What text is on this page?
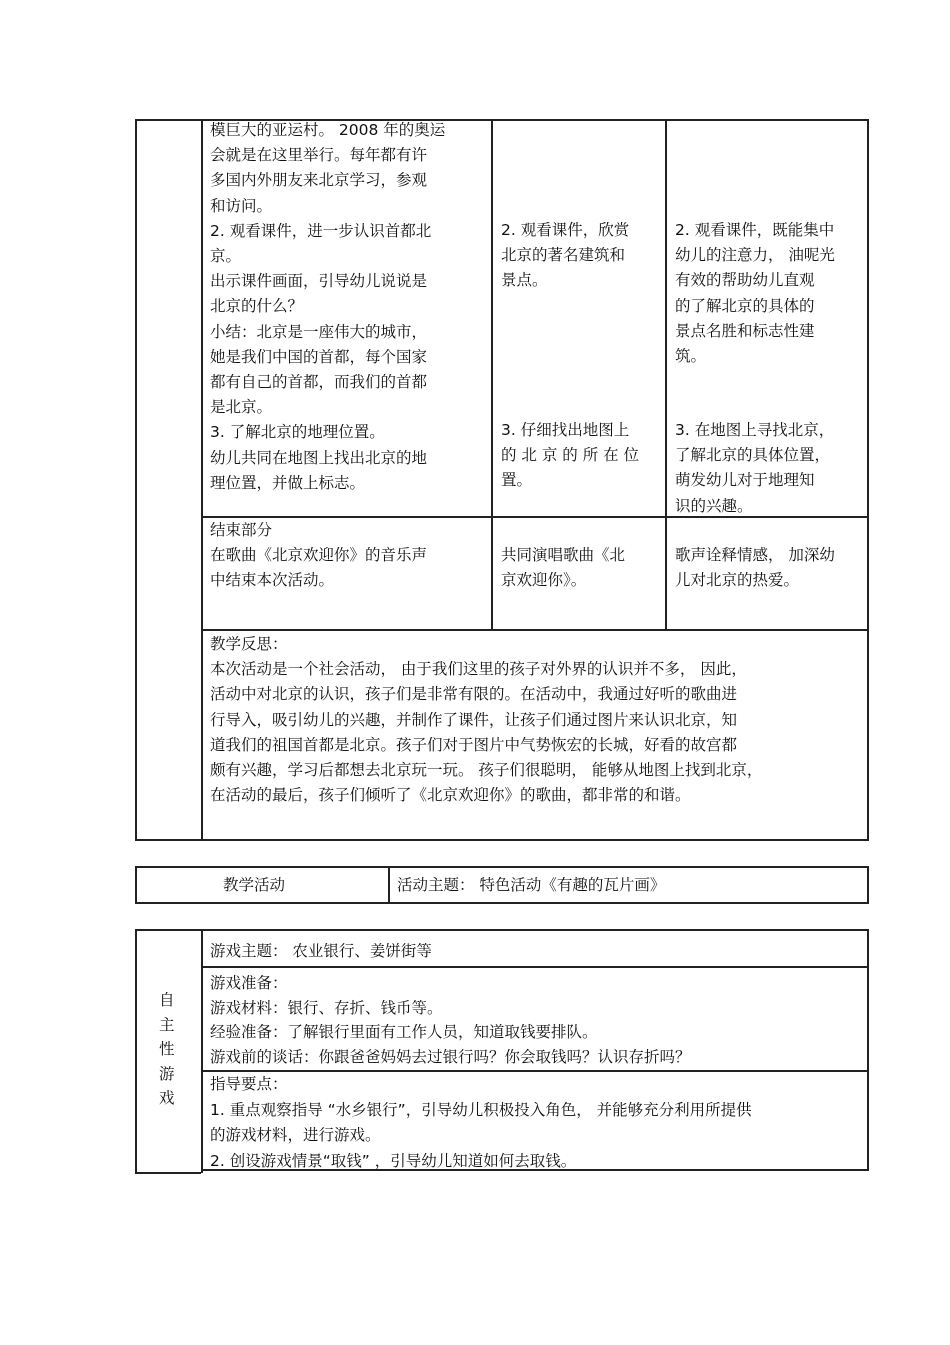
模巨大的亚运村。 2008 年的奥运
会就是在这里举行。每年都有许
多国内外朋友来北京学习，参观
和访问。
2. 观看课件，进一步认识首都北
京。
出示课件画面，引导幼儿说说是
北京的什么？
小结：北京是一座伟大的城市，
她是我们中国的首都，每个国家
都有自己的首都，而我们的首都
是北京。
3. 了解北京的地理位置。
幼儿共同在地图上找出北京的地
理位置，并做上标志。
2. 观看课件，欣赏
北京的著名建筑和
景点。
3. 仔细找出地图上
的 北 京 的 所 在 位
置。
2. 观看课件，既能集中
幼儿的注意力， 油呢光
有效的帮助幼儿直观
的了解北京的具体的
景点名胜和标志性建
筑。
3. 在地图上寻找北京，
了解北京的具体位置，
萌发幼儿对于地理知
识的兴趣。
结束部分
在歌曲《北京欢迎你》的音乐声
中结束本次活动。
共同演唱歌曲《北
京欢迎你》。
歌声诠释情感， 加深幼
儿对北京的热爱。
教学反思：
本次活动是一个社会活动， 由于我们这里的孩子对外界的认识并不多， 因此，
活动中对北京的认识，孩子们是非常有限的。在活动中，我通过好听的歌曲进
行导入，吸引幼儿的兴趣，并制作了课件，让孩子们通过图片来认识北京，知
道我们的祖国首都是北京。孩子们对于图片中气势恢宏的长城，好看的故宫都
颇有兴趣，学习后都想去北京玩一玩。 孩子们很聪明， 能够从地图上找到北京，
在活动的最后，孩子们倾听了《北京欢迎你》的歌曲，都非常的和谐。
教学活动	活动主题： 特色活动《有趣的瓦片画》
自
主
性
游
戏
游戏主题： 农业银行、姜饼街等
游戏准备：
游戏材料：银行、存折、钱币等。
经验准备：了解银行里面有工作人员，知道取钱要排队。
游戏前的谈话：你跟爸爸妈妈去过银行吗？你会取钱吗？认识存折吗？
指导要点：
1. 重点观察指导 “水乡银行”，引导幼儿积极投入角色， 并能够充分利用所提供
的游戏材料，进行游戏。
2. 创设游戏情景“取钱” ，引导幼儿知道如何去取钱。
